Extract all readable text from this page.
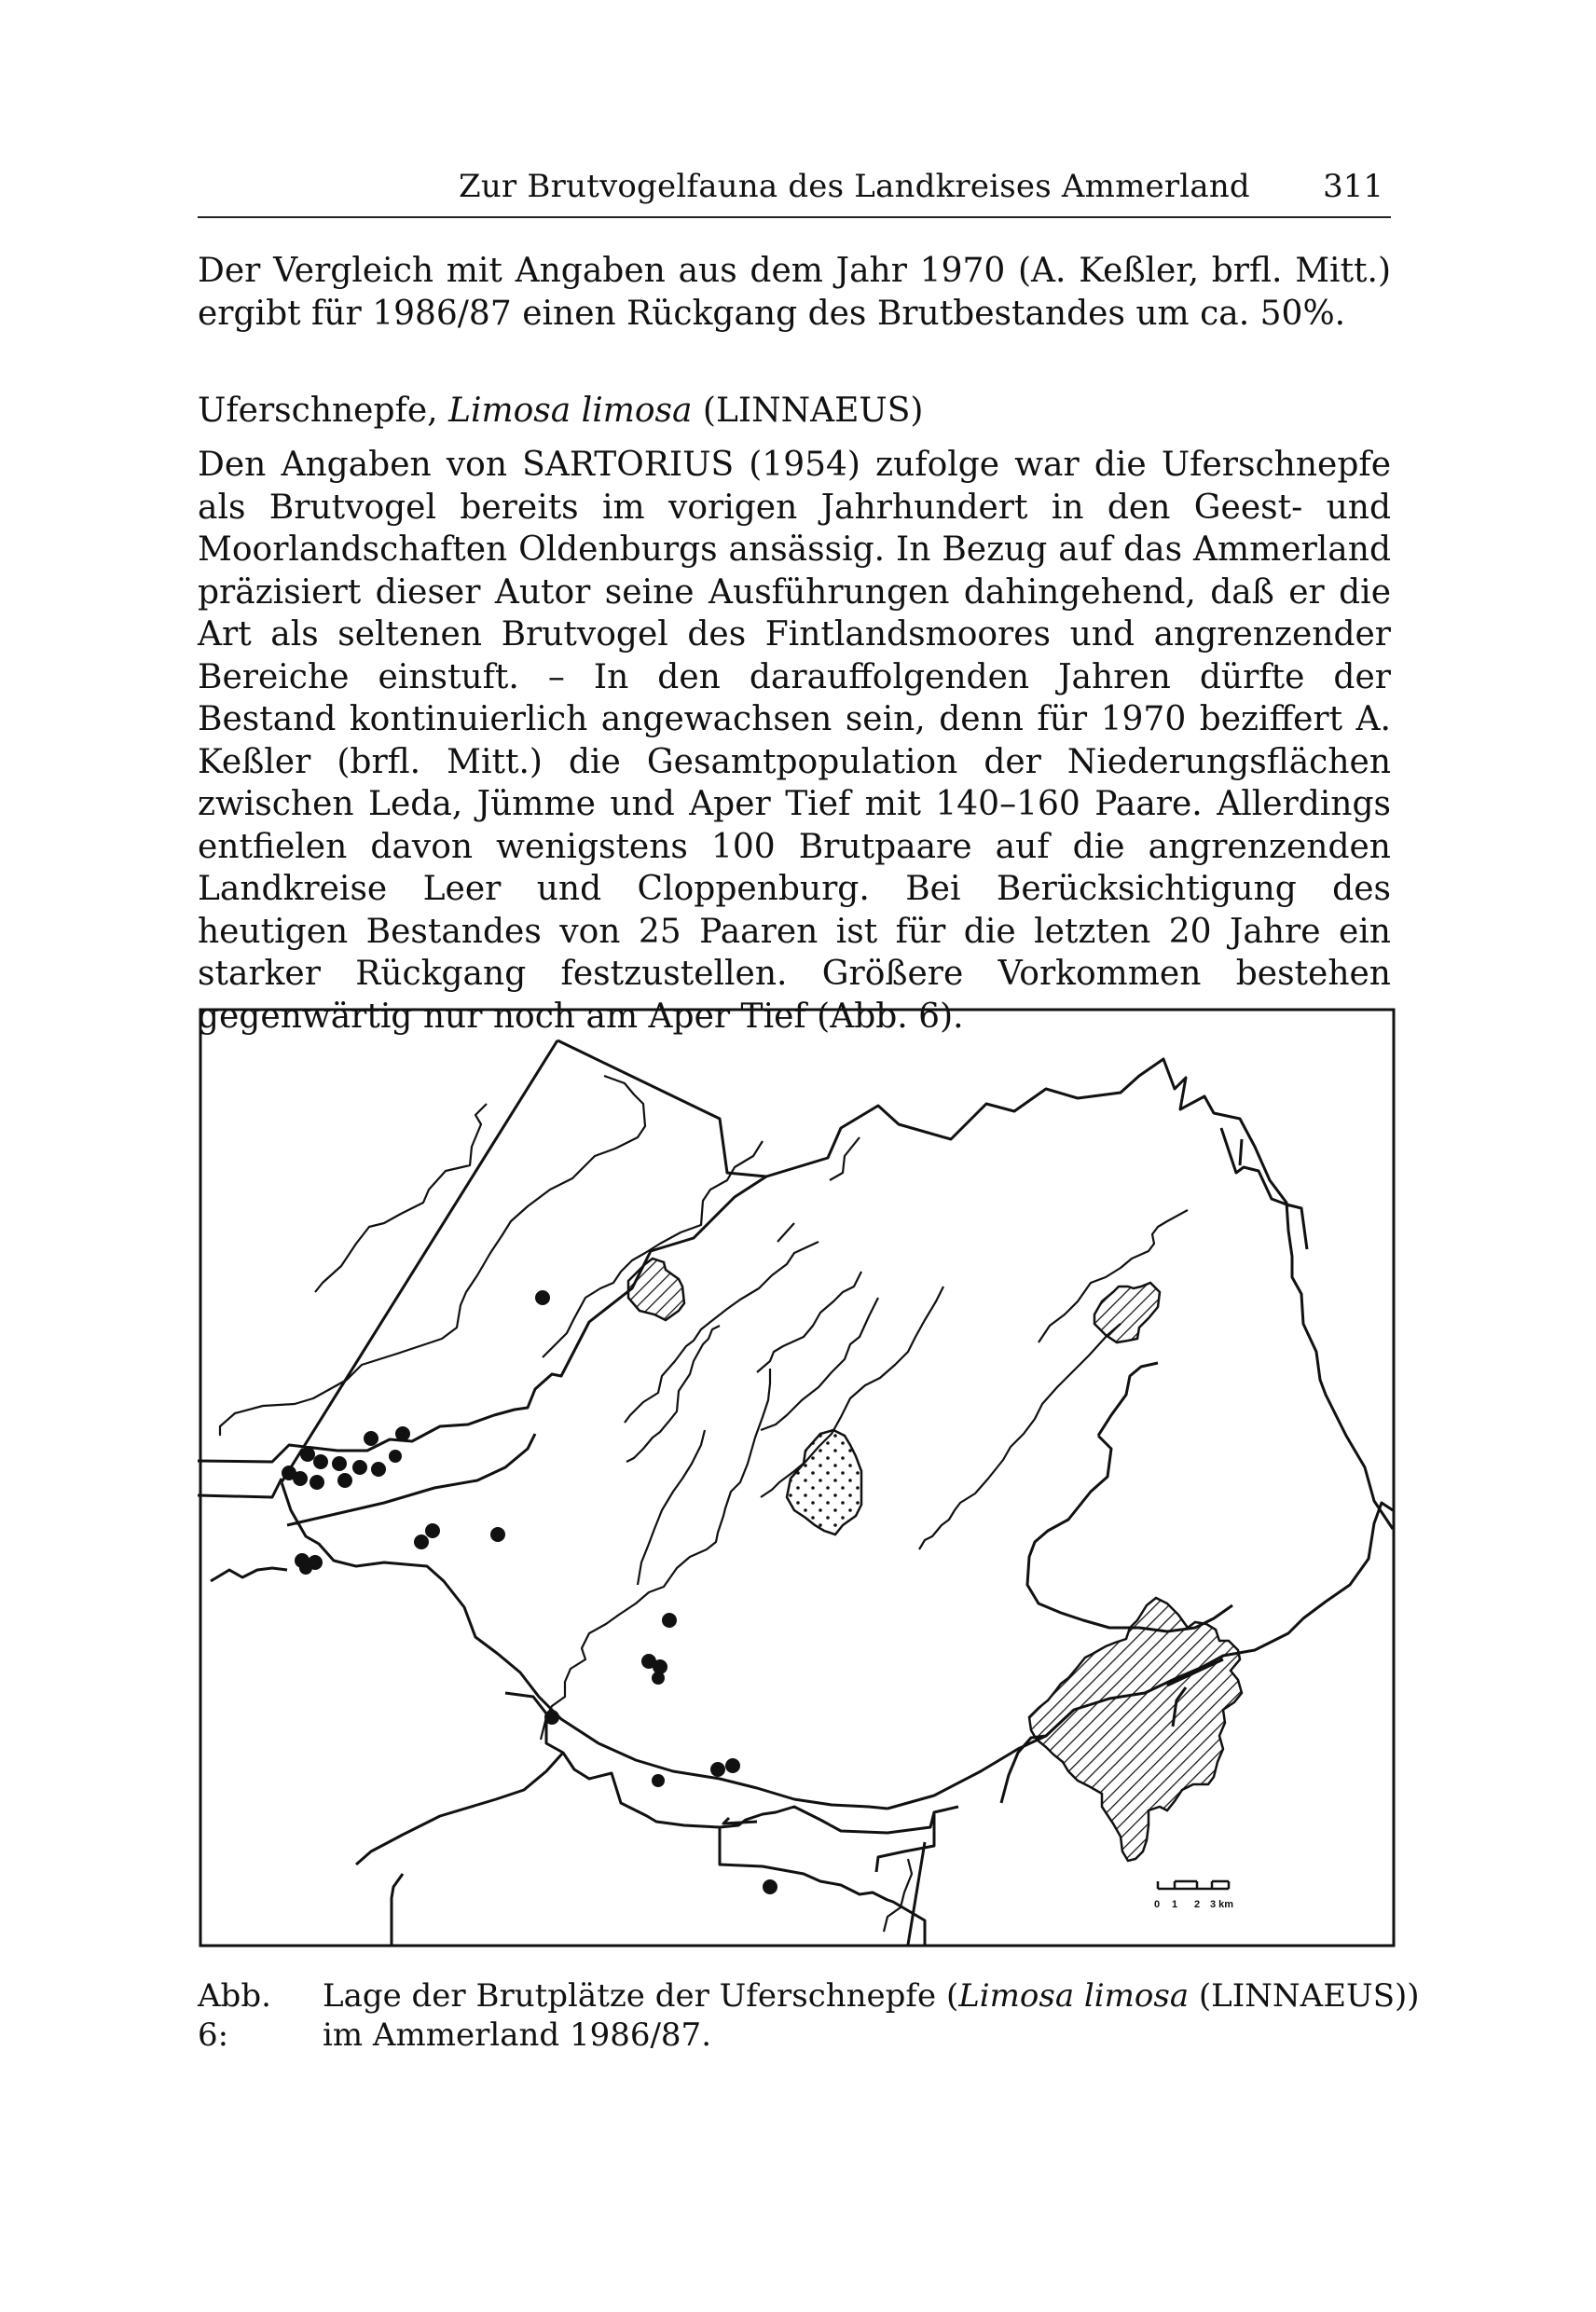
Zur Brutvogelfauna des Landkreises Ammerland 311

Der Vergleich mit Angaben aus dem Jahr 1970 (A. Keßler, brfl. Mitt.) ergibt für 1986/87 einen Rückgang des Brutbestandes um ca. 50%.

Uferschnepfe, Limosa limosa (LINNAEUS)

Den Angaben von SARTORIUS (1954) zufolge war die Uferschnepfe als Brutvogel bereits im vorigen Jahrhundert in den Geest- und Moorlandschaften Oldenburgs ansässig. In Bezug auf das Ammerland präzisiert dieser Autor seine Ausführungen dahingehend, daß er die Art als seltenen Brutvogel des Fintlandsmoores und angrenzender Bereiche einstuft. – In den darauffolgenden Jahren dürfte der Bestand kontinuierlich angewachsen sein, denn für 1970 beziffert A. Keßler (brfl. Mitt.) die Gesamtpopulation der Niederungsflächen zwischen Leda, Jümme und Aper Tief mit 140–160 Paare. Allerdings entfielen davon wenigstens 100 Brutpaare auf die angrenzenden Landkreise Leer und Cloppenburg. Bei Berücksichtigung des heutigen Bestandes von 25 Paaren ist für die letzten 20 Jahre ein starker Rückgang festzustellen. Größere Vorkommen bestehen gegenwärtig nur noch am Aper Tief (Abb. 6).

0 1 2 3 km
Abb. 6:
Lage der Brutplätze der Uferschnepfe (Limosa limosa (LINNAEUS))
im Ammerland 1986/87.
